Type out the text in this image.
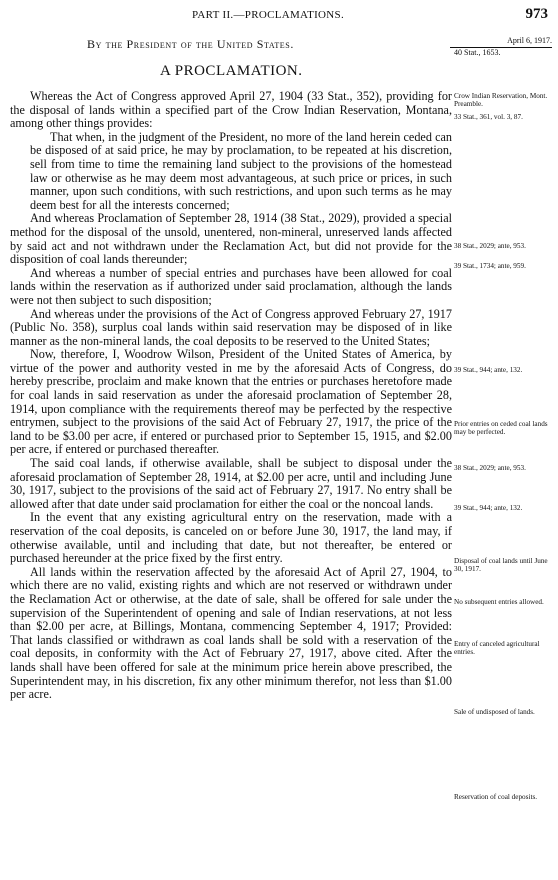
PART II.—PROCLAMATIONS.	973
By the President of the United States.	April 6, 1917.
40 Stat., 1653.
A PROCLAMATION.

Whereas the Act of Congress approved April 27, 1904 (33 Stat., 352), providing for the disposal of lands within a specified part of the Crow Indian Reservation, Montana, among other things provides:

That when, in the judgment of the President, no more of the land herein ceded can be disposed of at said price, he may by proclamation, to be repeated at his discretion, sell from time to time the remaining land subject to the provisions of the homestead law or otherwise as he may deem most advantageous, at such price or prices, in such manner, upon such conditions, with such restrictions, and upon such terms as he may deem best for all the interests concerned;

And whereas Proclamation of September 28, 1914 (38 Stat., 2029), provided a special method for the disposal of the unsold, unentered, non-mineral, unreserved lands affected by said act and not withdrawn under the Reclamation Act, but did not provide for the disposition of coal lands thereunder;

And whereas a number of special entries and purchases have been allowed for coal lands within the reservation as if authorized under said proclamation, although the lands were not then subject to such disposition;

And whereas under the provisions of the Act of Congress approved February 27, 1917 (Public No. 358), surplus coal lands within said reservation may be disposed of in like manner as the non-mineral lands, the coal deposits to be reserved to the United States;

Now, therefore, I, Woodrow Wilson, President of the United States of America, by virtue of the power and authority vested in me by the aforesaid Acts of Congress, do hereby prescribe, proclaim and make known that the entries or purchases heretofore made for coal lands in said reservation as under the aforesaid proclamation of September 28, 1914, upon compliance with the requirements thereof may be perfected by the respective entrymen, subject to the provisions of the said Act of February 27, 1917, the price of the land to be $3.00 per acre, if entered or purchased prior to September 15, 1915, and $2.00 per acre, if entered or purchased thereafter.

The said coal lands, if otherwise available, shall be subject to disposal under the aforesaid proclamation of September 28, 1914, at $2.00 per acre, until and including June 30, 1917, subject to the provisions of the said act of February 27, 1917. No entry shall be allowed after that date under said proclamation for either the coal or the noncoal lands.

In the event that any existing agricultural entry on the reservation, made with a reservation of the coal deposits, is canceled on or before June 30, 1917, the land may, if otherwise available, until and including that date, but not thereafter, be entered or purchased hereunder at the price fixed by the first entry.

All lands within the reservation affected by the aforesaid Act of April 27, 1904, to which there are no valid, existing rights and which are not reserved or withdrawn under the Reclamation Act or otherwise, at the date of sale, shall be offered for sale under the supervision of the Superintendent of opening and sale of Indian reservations, at not less than $2.00 per acre, at Billings, Montana, commencing September 4, 1917; Provided: That lands classified or withdrawn as coal lands shall be sold with a reservation of the coal deposits, in conformity with the Act of February 27, 1917, above cited. After the lands shall have been offered for sale at the minimum price herein above prescribed, the Superintendent may, in his discretion, fix any other minimum therefor, not less than $1.00 per acre.

Crow Indian Reservation, Mont. Preamble.
33 Stat., 361, vol. 3, 87.
38 Stat., 2029; ante, 953.
39 Stat., 1734; ante, 959.
39 Stat., 944; ante, 132.
Prior entries on ceded coal lands may be perfected.
38 Stat., 2029; ante, 953.
39 Stat., 944; ante, 132.
Disposal of coal lands until June 30, 1917.
No subsequent entries allowed.
Entry of canceled agricultural entries.
Sale of undisposed of lands.
Reservation of coal deposits.
